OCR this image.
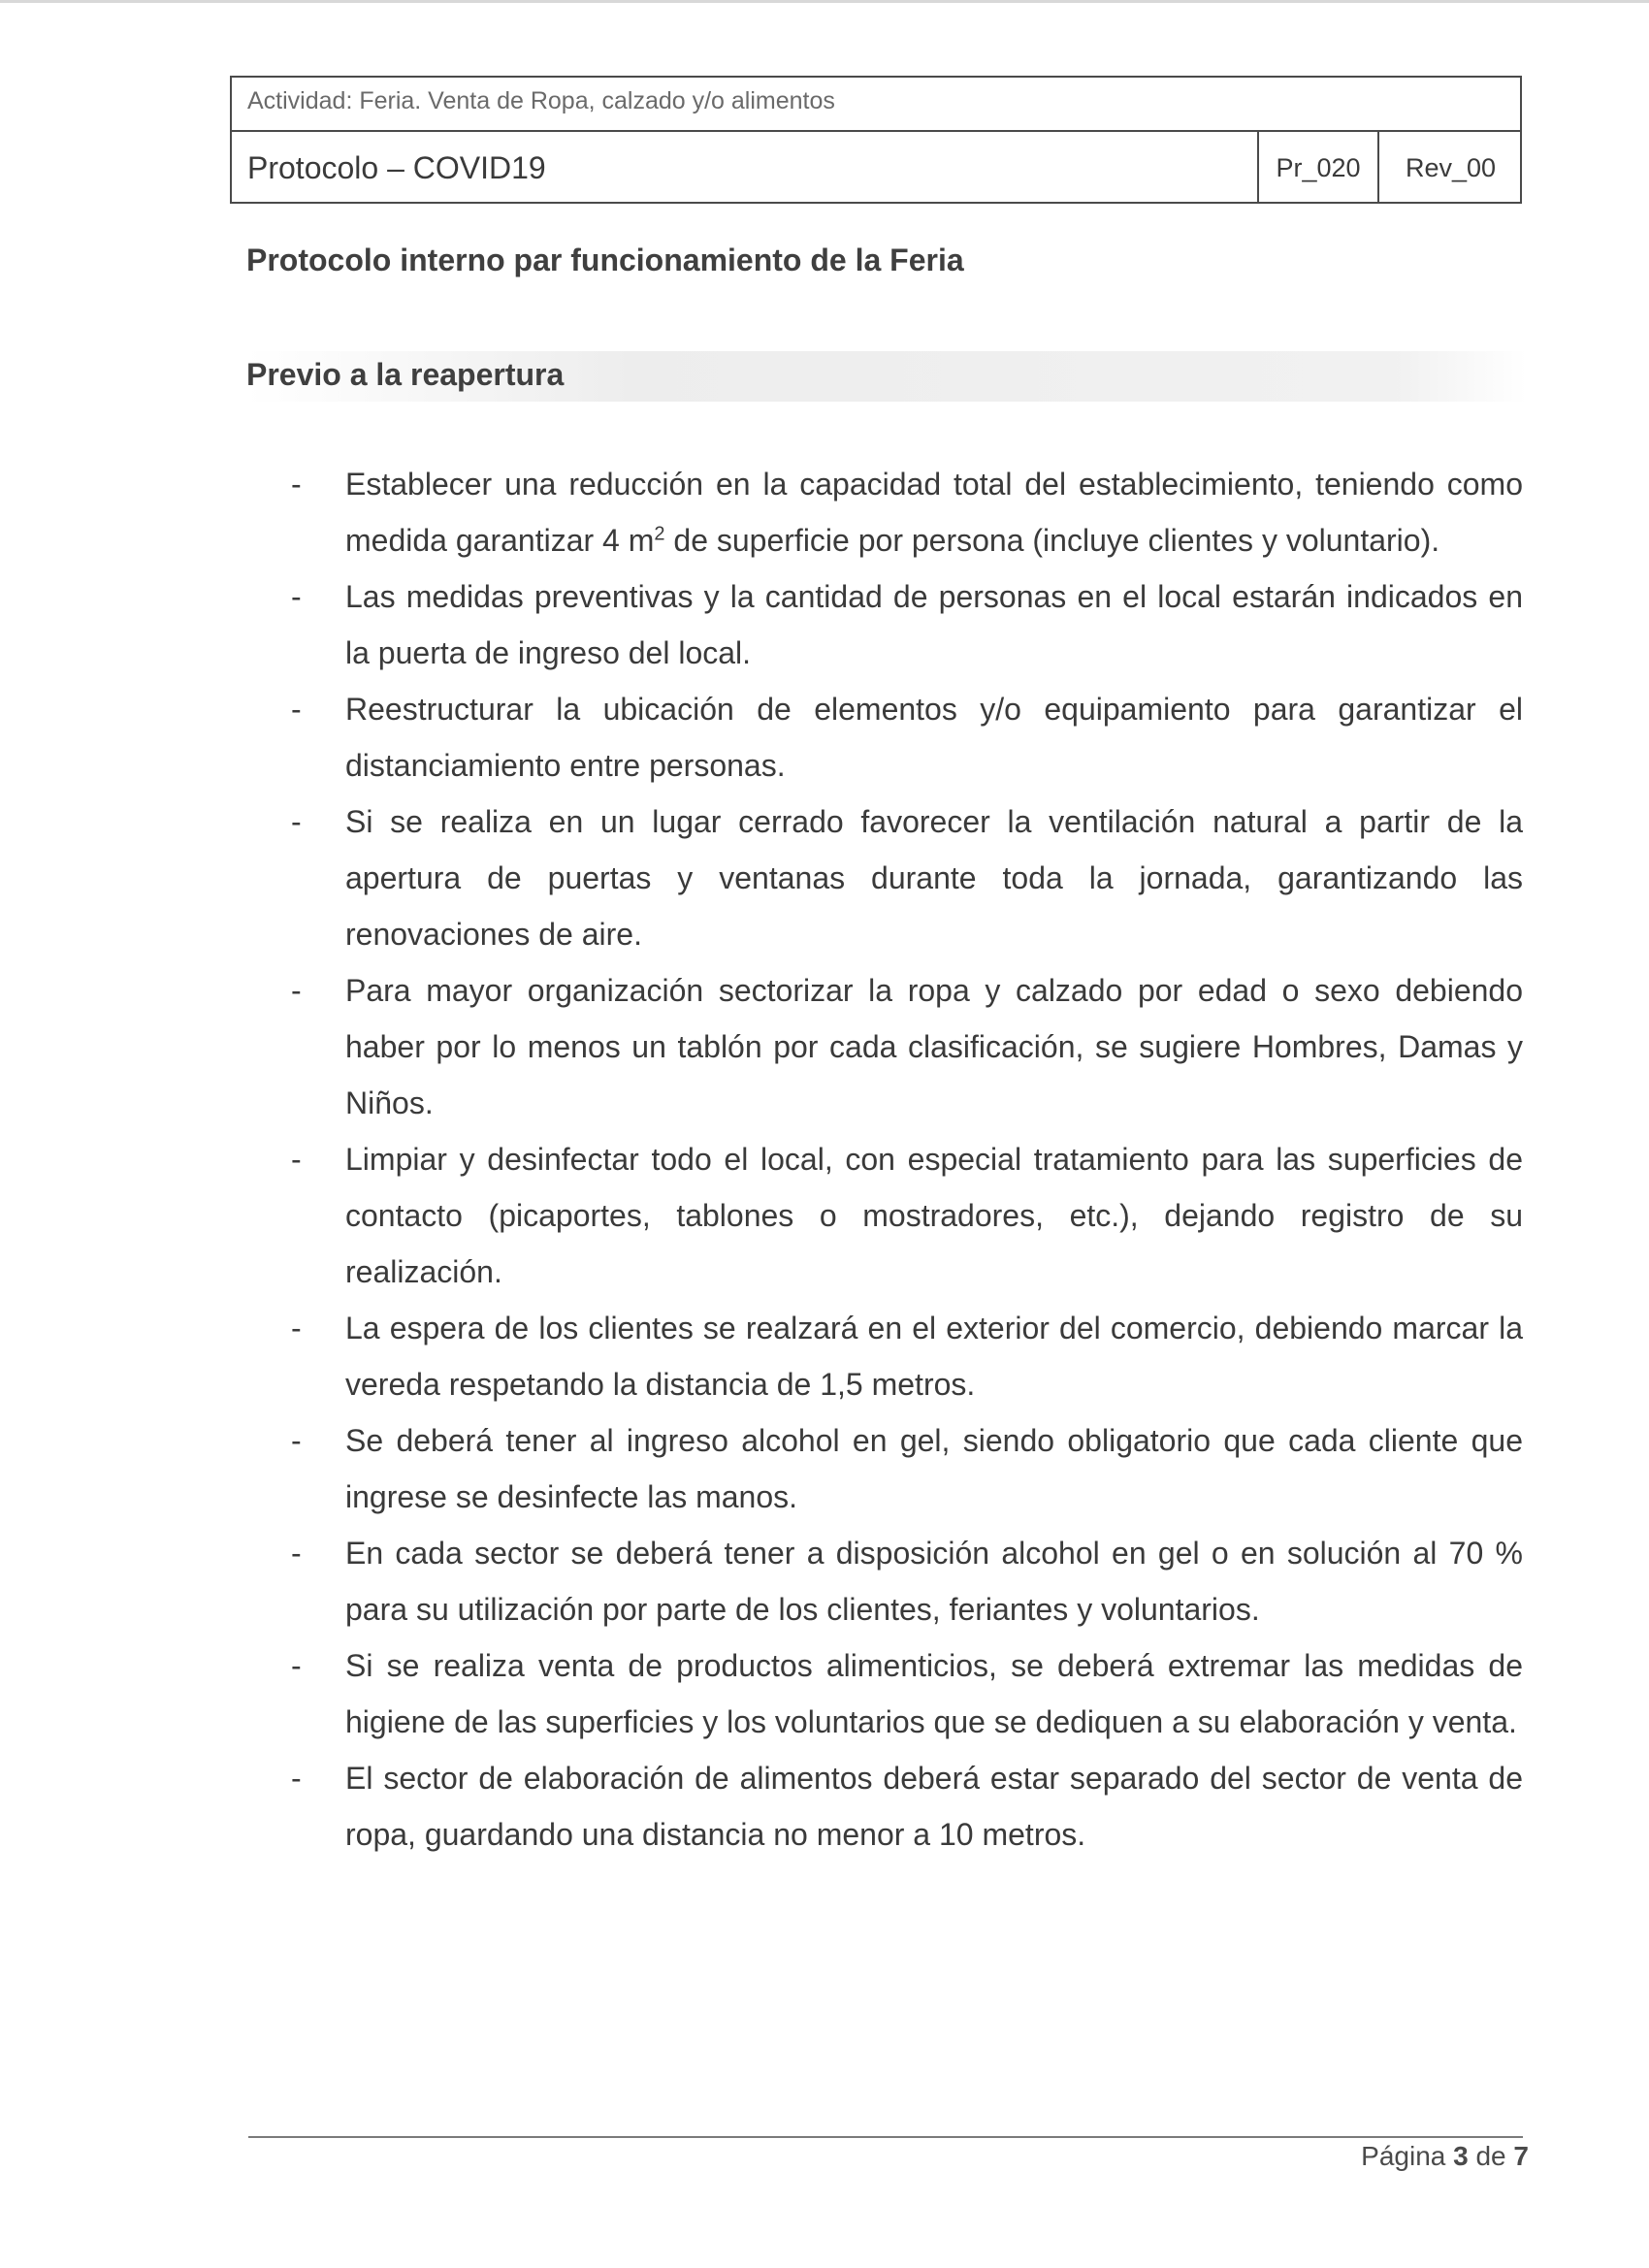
Actividad: Feria. Venta de Ropa, calzado y/o alimentos
Protocolo – COVID19	Pr_020	Rev_00
Protocolo interno par funcionamiento de la Feria
Previo a la reapertura
-	Establecer una reducción en la capacidad total del establecimiento, teniendo como medida garantizar 4 $m^2$ de superficie por persona (incluye clientes y voluntario).
-	Las medidas preventivas y la cantidad de personas en el local estarán indicados en la puerta de ingreso del local.
-	Reestructurar la ubicación de elementos y/o equipamiento para garantizar el distanciamiento entre personas.
-	Si se realiza en un lugar cerrado favorecer la ventilación natural a partir de la apertura de puertas y ventanas durante toda la jornada, garantizando las renovaciones de aire.
-	Para mayor organización sectorizar la ropa y calzado por edad o sexo debiendo haber por lo menos un tablón por cada clasificación, se sugiere Hombres, Damas y Niños.
-	Limpiar y desinfectar todo el local, con especial tratamiento para las superficies de contacto (picaportes, tablones o mostradores, etc.), dejando registro de su realización.
-	La espera de los clientes se realzará en el exterior del comercio, debiendo marcar la vereda respetando la distancia de 1,5 metros.
-	Se deberá tener al ingreso alcohol en gel, siendo obligatorio que cada cliente que ingrese se desinfecte las manos.
-	En cada sector se deberá tener a disposición alcohol en gel o en solución al 70 % para su utilización por parte de los clientes, feriantes y voluntarios.
-	Si se realiza venta de productos alimenticios, se deberá extremar las medidas de higiene de las superficies y los voluntarios que se dediquen a su elaboración y venta.
-	El sector de elaboración de alimentos deberá estar separado del sector de venta de ropa, guardando una distancia no menor a 10 metros.
Página 3 de 7
